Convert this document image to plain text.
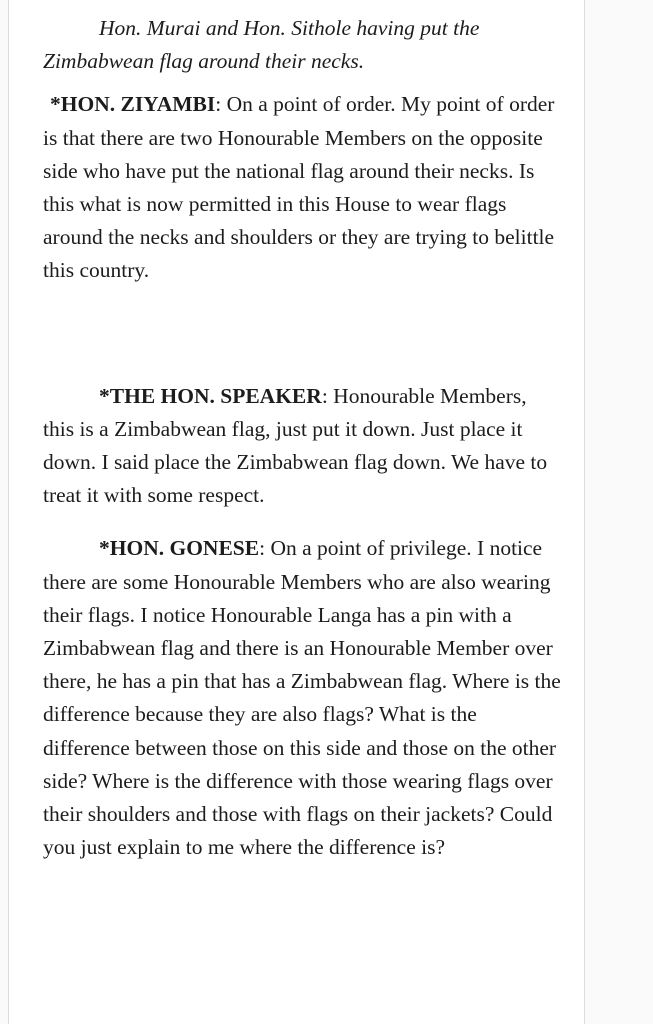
Hon. Murai and Hon. Sithole having put the Zimbabwean flag around their necks.

*HON. ZIYAMBI: On a point of order. My point of order is that there are two Honourable Members on the opposite side who have put the national flag around their necks. Is this what is now permitted in this House to wear flags around the necks and shoulders or they are trying to belittle this country.

*THE HON. SPEAKER: Honourable Members, this is a Zimbabwean flag, just put it down. Just place it down. I said place the Zimbabwean flag down. We have to treat it with some respect.

*HON. GONESE: On a point of privilege. I notice there are some Honourable Members who are also wearing their flags. I notice Honourable Langa has a pin with a Zimbabwean flag and there is an Honourable Member over there, he has a pin that has a Zimbabwean flag. Where is the difference because they are also flags? What is the difference between those on this side and those on the other side? Where is the difference with those wearing flags over their shoulders and those with flags on their jackets? Could you just explain to me where the difference is?
